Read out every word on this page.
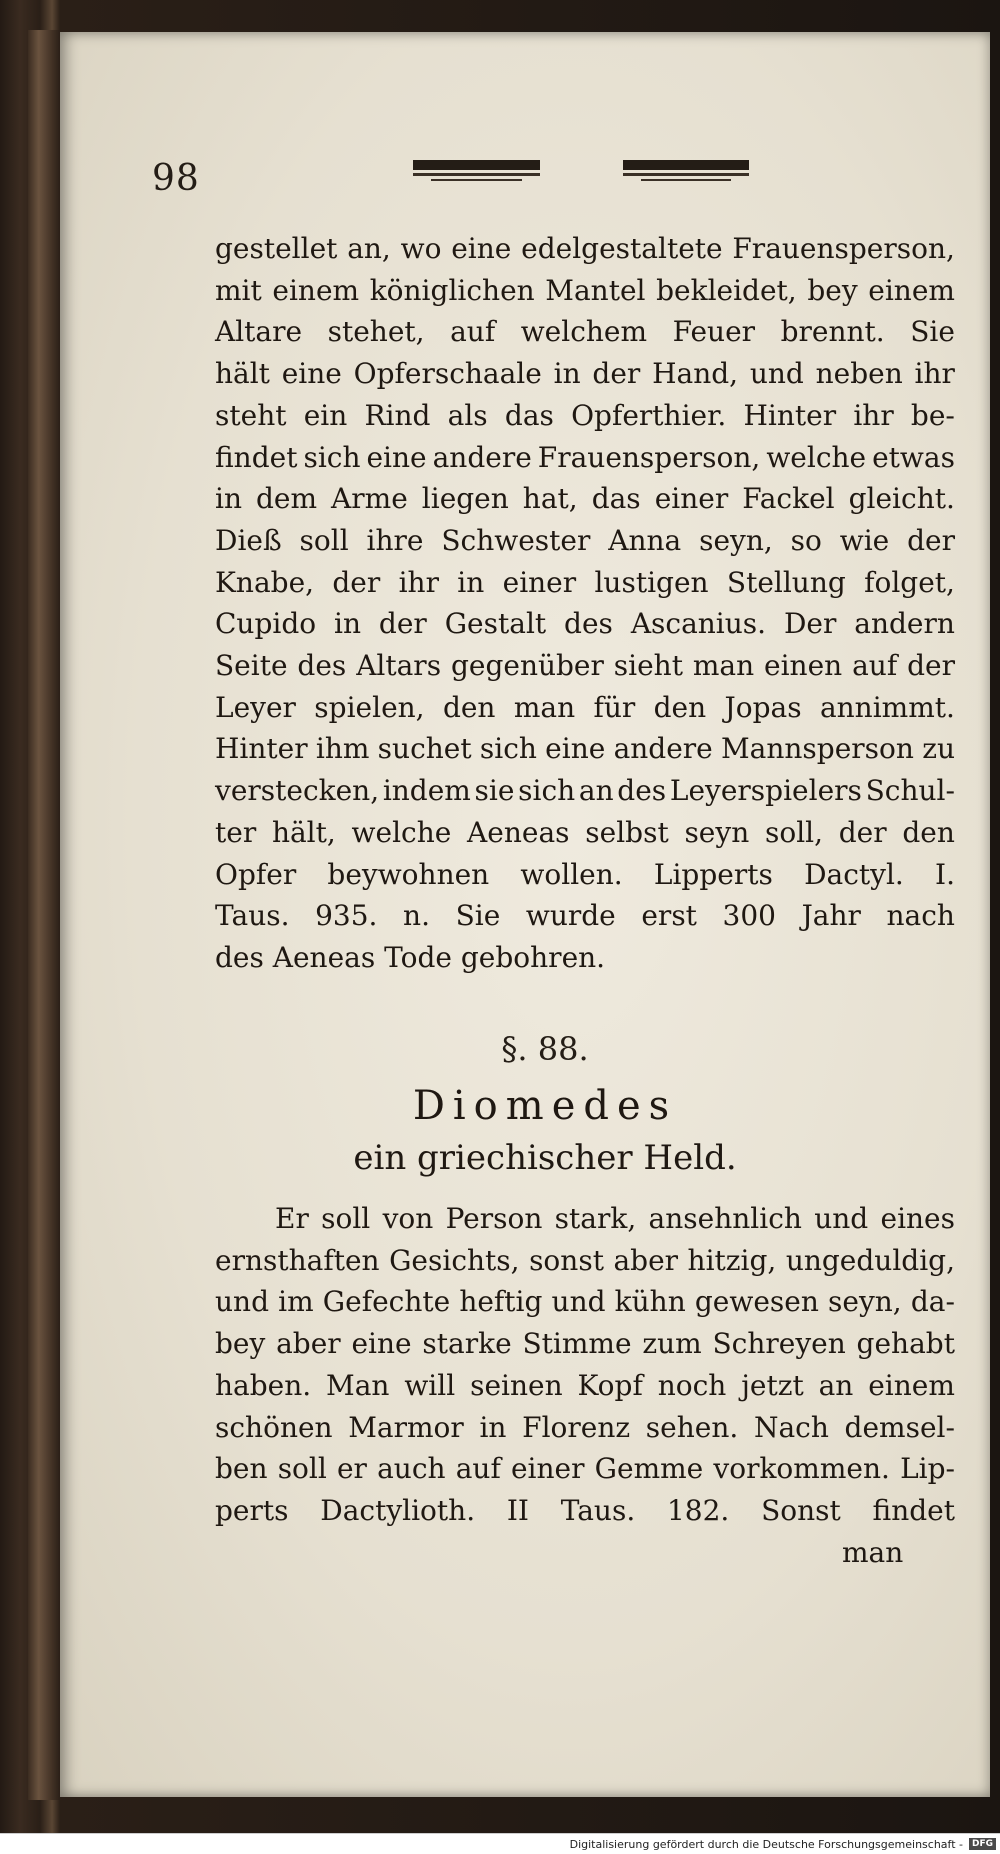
98
gestellet an, wo eine edelgestaltete Frauensperson,
mit einem königlichen Mantel bekleidet, bey einem
Altare stehet, auf welchem Feuer brennt. Sie
hält eine Opferschaale in der Hand, und neben ihr
steht ein Rind als das Opferthier. Hinter ihr be-
findet sich eine andere Frauensperson, welche etwas
in dem Arme liegen hat, das einer Fackel gleicht.
Dieß soll ihre Schwester Anna seyn, so wie der
Knabe, der ihr in einer lustigen Stellung folget,
Cupido in der Gestalt des Ascanius. Der andern
Seite des Altars gegenüber sieht man einen auf der
Leyer spielen, den man für den Jopas annimmt.
Hinter ihm suchet sich eine andere Mannsperson zu
verstecken, indem sie sich an des Leyerspielers Schul-
ter hält, welche Aeneas selbst seyn soll, der den
Opfer beywohnen wollen. Lipperts Dactyl. I.
Taus. 935. n. Sie wurde erst 300 Jahr nach
des Aeneas Tode gebohren.
§. 88.
Diomedes
ein griechischer Held.
Er soll von Person stark, ansehnlich und eines
ernsthaften Gesichts, sonst aber hitzig, ungeduldig,
und im Gefechte heftig und kühn gewesen seyn, da-
bey aber eine starke Stimme zum Schreyen gehabt
haben. Man will seinen Kopf noch jetzt an einem
schönen Marmor in Florenz sehen. Nach demsel-
ben soll er auch auf einer Gemme vorkommen. Lip-
perts Dactylioth. II Taus. 182. Sonst findet
man
Digitalisierung gefördert durch die Deutsche Forschungsgemeinschaft -	DFG
